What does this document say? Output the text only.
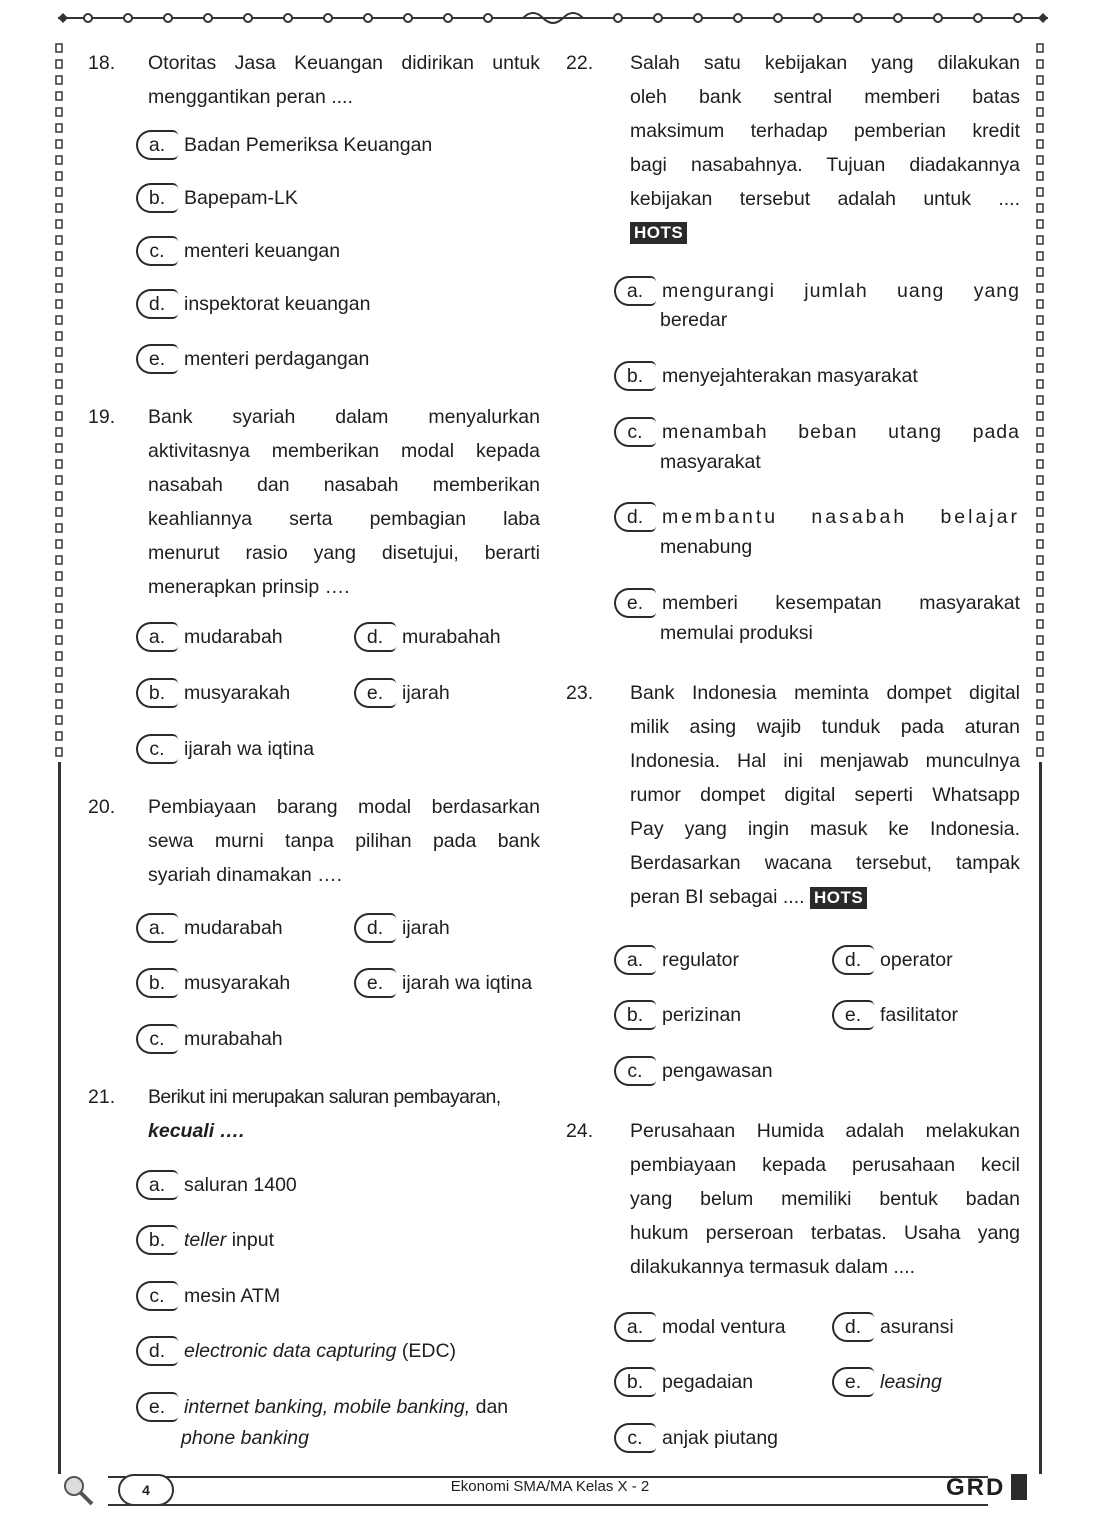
18. Otoritas Jasa Keuangan didirikan untuk
menggantikan peran ....
a. Badan Pemeriksa Keuangan
b. Bapepam-LK
c. menteri keuangan
d. inspektorat keuangan
e. menteri perdagangan
19. Bank syariah dalam menyalurkan
aktivitasnya memberikan modal kepada
nasabah dan nasabah memberikan
keahliannya serta pembagian laba
menurut rasio yang disetujui, berarti
menerapkan prinsip ….
a. mudarabah
b. musyarakah
c. ijarah wa iqtina
d. murabahah
e. ijarah
20. Pembiayaan barang modal berdasarkan
sewa murni tanpa pilihan pada bank
syariah dinamakan ….
a. mudarabah
b. musyarakah
c. murabahah
d. ijarah
e. ijarah wa iqtina
21. Berikut ini merupakan saluran pembayaran,
kecuali ….
a. saluran 1400
b. teller input
c. mesin ATM
d. electronic data capturing (EDC)
e. internet banking, mobile banking, dan
phone banking
22. Salah satu kebijakan yang dilakukan
oleh bank sentral memberi batas
maksimum terhadap pemberian kredit
bagi nasabahnya. Tujuan diadakannya
kebijakan tersebut adalah untuk ....
HOTS
a. mengurangi jumlah uang yang
beredar
b. menyejahterakan masyarakat
c. menambah beban utang pada
masyarakat
d. membantu nasabah belajar
menabung
e. memberi kesempatan masyarakat
memulai produksi
23. Bank Indonesia meminta dompet digital
milik asing wajib tunduk pada aturan
Indonesia. Hal ini menjawab munculnya
rumor dompet digital seperti Whatsapp
Pay yang ingin masuk ke Indonesia.
Berdasarkan wacana tersebut, tampak
peran BI sebagai .... HOTS
a. regulator
b. perizinan
c. pengawasan
d. operator
e. fasilitator
24. Perusahaan Humida adalah melakukan
pembiayaan kepada perusahaan kecil
yang belum memiliki bentuk badan
hukum perseroan terbatas. Usaha yang
dilakukannya termasuk dalam ....
a. modal ventura
b. pegadaian
c. anjak piutang
d. asuransi
e. leasing
4	Ekonomi SMA/MA Kelas X - 2	GRD
